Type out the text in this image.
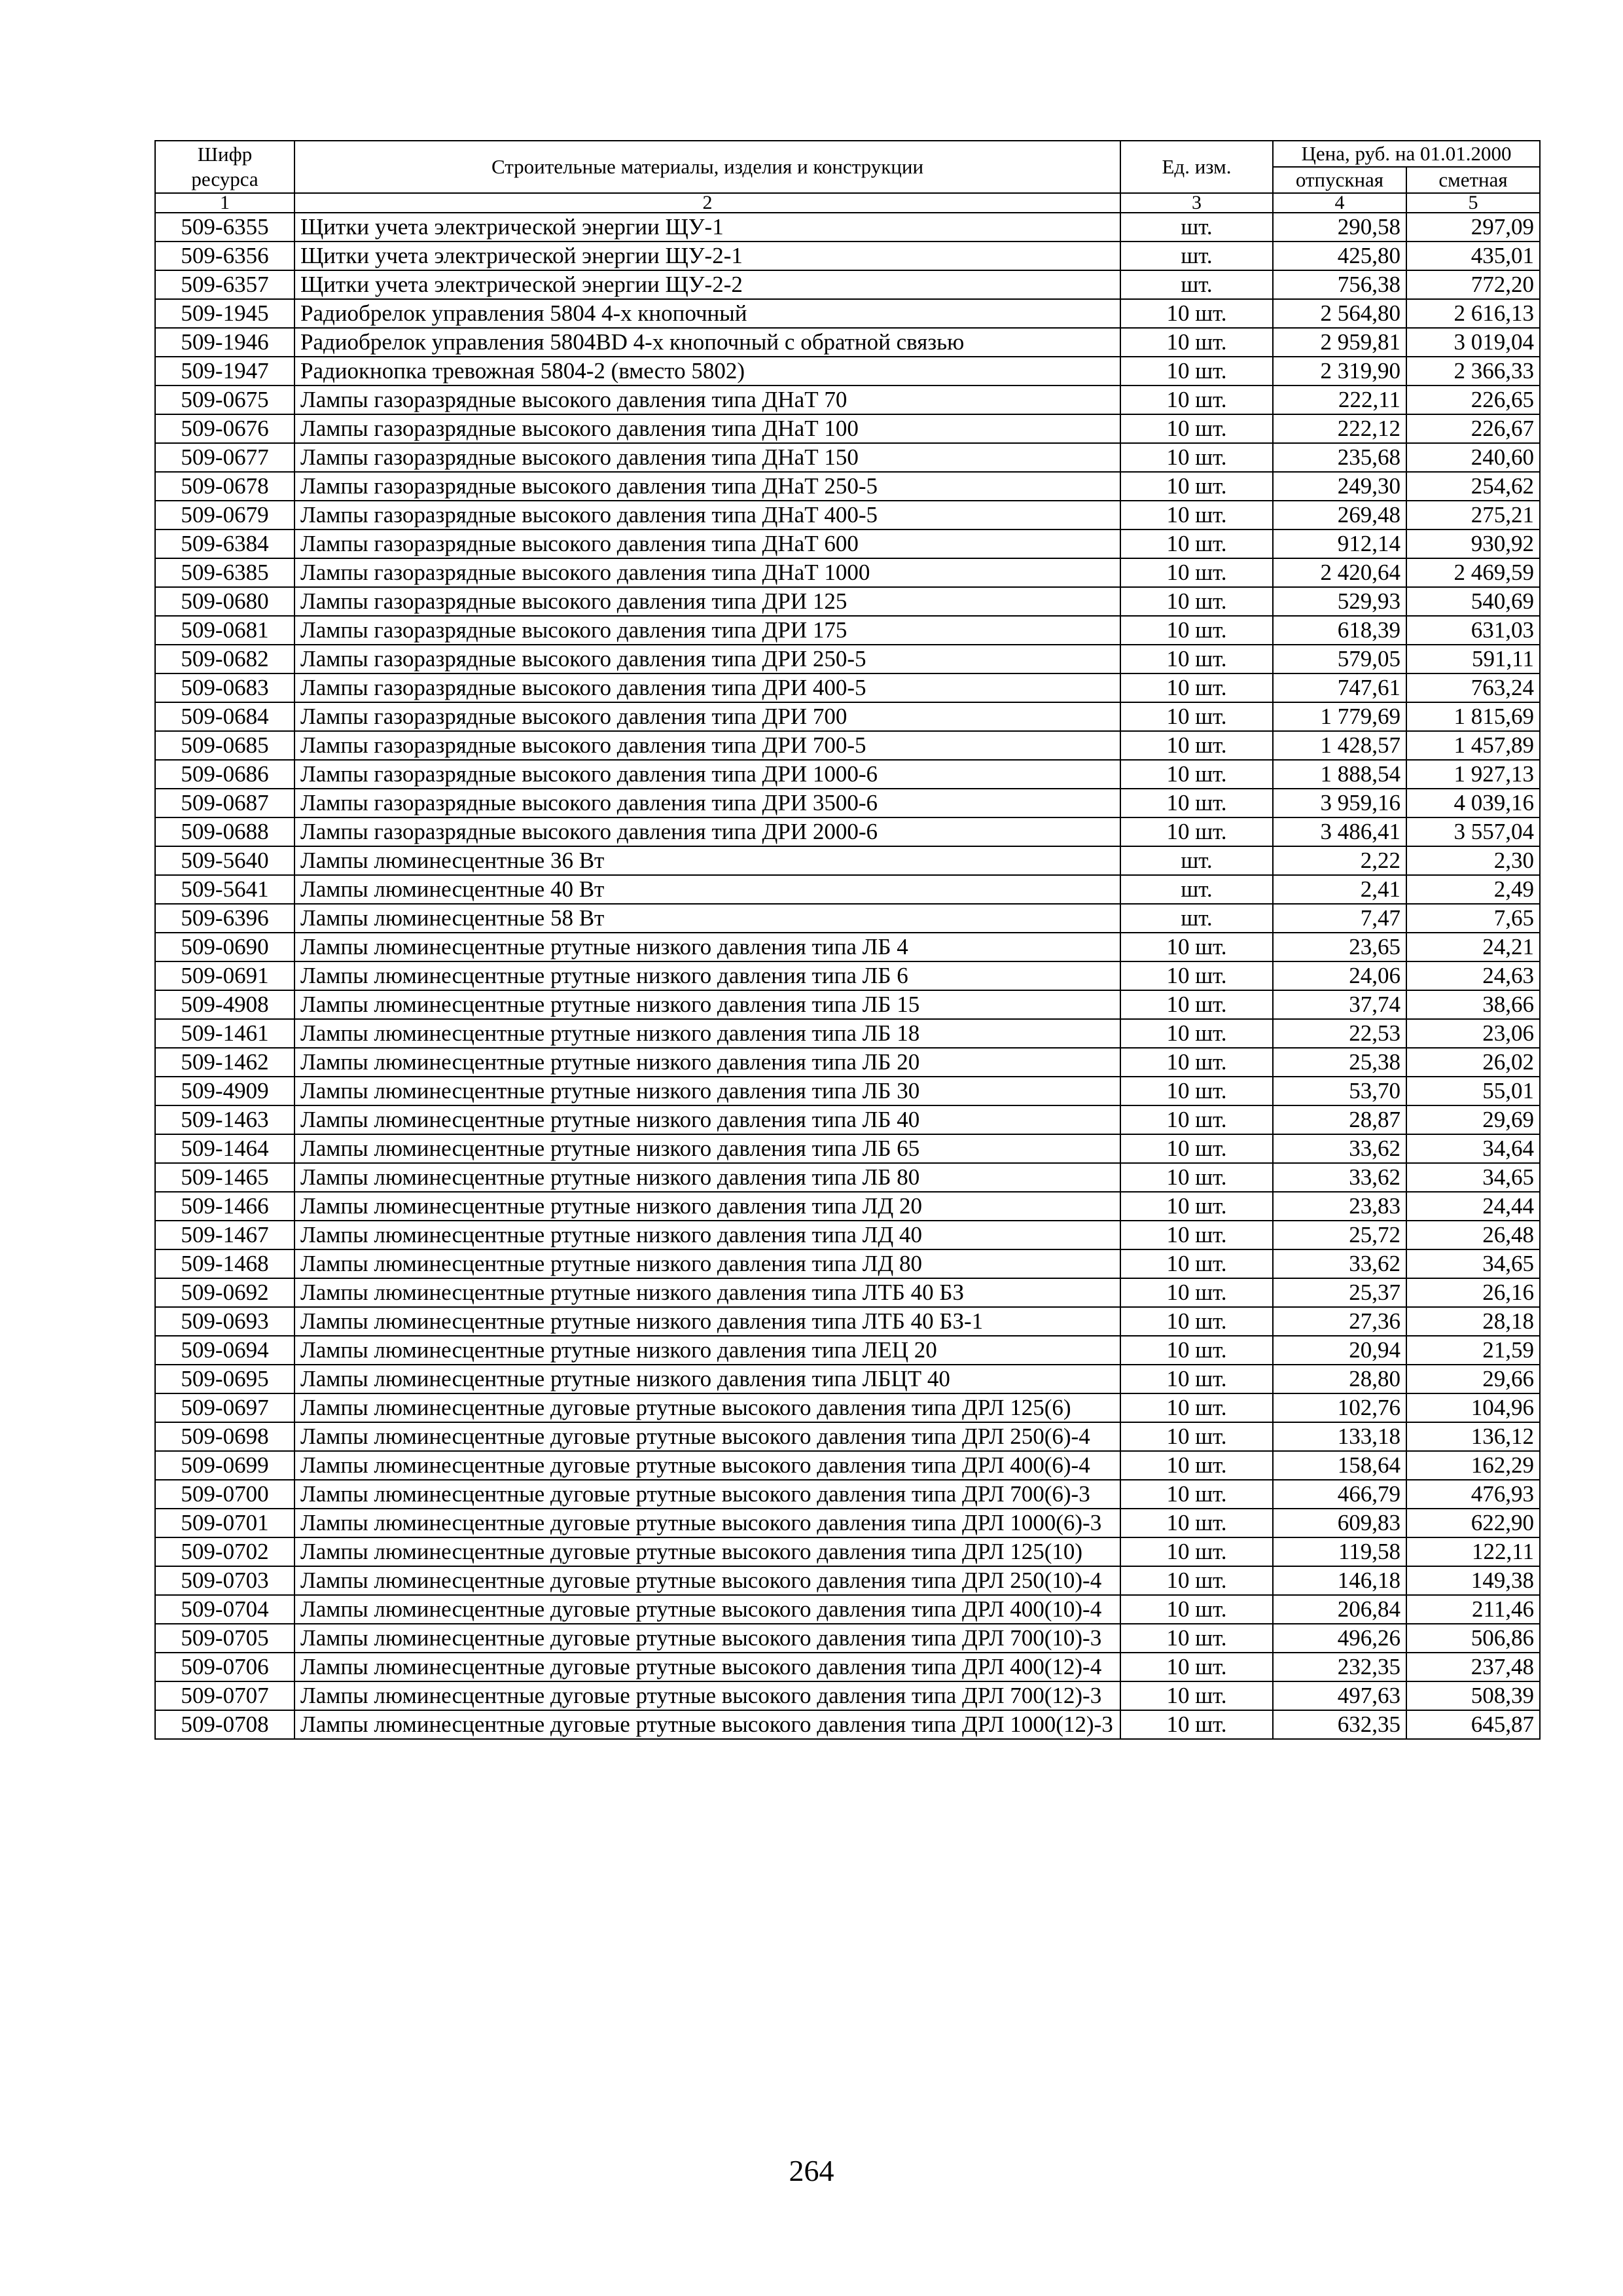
Шифр ресурса	Строительные материалы, изделия и конструкции	Ед. изм.	Цена, руб. на 01.01.2000	
			отпускная	сметная
1	2	3	4	5
509-6355	Щитки учета электрической энергии ЩУ-1	шт.	290,58	297,09
509-6356	Щитки учета электрической энергии ЩУ-2-1	шт.	425,80	435,01
509-6357	Щитки учета электрической энергии ЩУ-2-2	шт.	756,38	772,20
509-1945	Радиобрелок управления 5804 4-х кнопочный	10 шт.	2 564,80	2 616,13
509-1946	Радиобрелок управления 5804BD 4-х кнопочный с обратной связью	10 шт.	2 959,81	3 019,04
509-1947	Радиокнопка тревожная 5804-2 (вместо 5802)	10 шт.	2 319,90	2 366,33
509-0675	Лампы газоразрядные высокого давления типа ДНаТ 70	10 шт.	222,11	226,65
509-0676	Лампы газоразрядные высокого давления типа ДНаТ 100	10 шт.	222,12	226,67
509-0677	Лампы газоразрядные высокого давления типа ДНаТ 150	10 шт.	235,68	240,60
509-0678	Лампы газоразрядные высокого давления типа ДНаТ 250-5	10 шт.	249,30	254,62
509-0679	Лампы газоразрядные высокого давления типа ДНаТ 400-5	10 шт.	269,48	275,21
509-6384	Лампы газоразрядные высокого давления типа ДНаТ 600	10 шт.	912,14	930,92
509-6385	Лампы газоразрядные высокого давления типа ДНаТ 1000	10 шт.	2 420,64	2 469,59
509-0680	Лампы газоразрядные высокого давления типа ДРИ 125	10 шт.	529,93	540,69
509-0681	Лампы газоразрядные высокого давления типа ДРИ 175	10 шт.	618,39	631,03
509-0682	Лампы газоразрядные высокого давления типа ДРИ 250-5	10 шт.	579,05	591,11
509-0683	Лампы газоразрядные высокого давления типа ДРИ 400-5	10 шт.	747,61	763,24
509-0684	Лампы газоразрядные высокого давления типа ДРИ 700	10 шт.	1 779,69	1 815,69
509-0685	Лампы газоразрядные высокого давления типа ДРИ 700-5	10 шт.	1 428,57	1 457,89
509-0686	Лампы газоразрядные высокого давления типа ДРИ 1000-6	10 шт.	1 888,54	1 927,13
509-0687	Лампы газоразрядные высокого давления типа ДРИ 3500-6	10 шт.	3 959,16	4 039,16
509-0688	Лампы газоразрядные высокого давления типа ДРИ 2000-6	10 шт.	3 486,41	3 557,04
509-5640	Лампы люминесцентные 36 Вт	шт.	2,22	2,30
509-5641	Лампы люминесцентные 40 Вт	шт.	2,41	2,49
509-6396	Лампы люминесцентные 58 Вт	шт.	7,47	7,65
509-0690	Лампы люминесцентные ртутные низкого давления типа ЛБ 4	10 шт.	23,65	24,21
509-0691	Лампы люминесцентные ртутные низкого давления типа ЛБ 6	10 шт.	24,06	24,63
509-4908	Лампы люминесцентные ртутные низкого давления типа ЛБ 15	10 шт.	37,74	38,66
509-1461	Лампы люминесцентные ртутные низкого давления типа ЛБ 18	10 шт.	22,53	23,06
509-1462	Лампы люминесцентные ртутные низкого давления типа ЛБ 20	10 шт.	25,38	26,02
509-4909	Лампы люминесцентные ртутные низкого давления типа ЛБ 30	10 шт.	53,70	55,01
509-1463	Лампы люминесцентные ртутные низкого давления типа ЛБ 40	10 шт.	28,87	29,69
509-1464	Лампы люминесцентные ртутные низкого давления типа ЛБ 65	10 шт.	33,62	34,64
509-1465	Лампы люминесцентные ртутные низкого давления типа ЛБ 80	10 шт.	33,62	34,65
509-1466	Лампы люминесцентные ртутные низкого давления типа ЛД 20	10 шт.	23,83	24,44
509-1467	Лампы люминесцентные ртутные низкого давления типа ЛД 40	10 шт.	25,72	26,48
509-1468	Лампы люминесцентные ртутные низкого давления типа ЛД 80	10 шт.	33,62	34,65
509-0692	Лампы люминесцентные ртутные низкого давления типа ЛТБ 40 БЗ	10 шт.	25,37	26,16
509-0693	Лампы люминесцентные ртутные низкого давления типа ЛТБ 40 БЗ-1	10 шт.	27,36	28,18
509-0694	Лампы люминесцентные ртутные низкого давления типа ЛЕЦ 20	10 шт.	20,94	21,59
509-0695	Лампы люминесцентные ртутные низкого давления типа ЛБЦТ 40	10 шт.	28,80	29,66
509-0697	Лампы люминесцентные дуговые ртутные высокого давления типа ДРЛ 125(6)	10 шт.	102,76	104,96
509-0698	Лампы люминесцентные дуговые ртутные высокого давления типа ДРЛ 250(6)-4	10 шт.	133,18	136,12
509-0699	Лампы люминесцентные дуговые ртутные высокого давления типа ДРЛ 400(6)-4	10 шт.	158,64	162,29
509-0700	Лампы люминесцентные дуговые ртутные высокого давления типа ДРЛ 700(6)-3	10 шт.	466,79	476,93
509-0701	Лампы люминесцентные дуговые ртутные высокого давления типа ДРЛ 1000(6)-3	10 шт.	609,83	622,90
509-0702	Лампы люминесцентные дуговые ртутные высокого давления типа ДРЛ 125(10)	10 шт.	119,58	122,11
509-0703	Лампы люминесцентные дуговые ртутные высокого давления типа ДРЛ 250(10)-4	10 шт.	146,18	149,38
509-0704	Лампы люминесцентные дуговые ртутные высокого давления типа ДРЛ 400(10)-4	10 шт.	206,84	211,46
509-0705	Лампы люминесцентные дуговые ртутные высокого давления типа ДРЛ 700(10)-3	10 шт.	496,26	506,86
509-0706	Лампы люминесцентные дуговые ртутные высокого давления типа ДРЛ 400(12)-4	10 шт.	232,35	237,48
509-0707	Лампы люминесцентные дуговые ртутные высокого давления типа ДРЛ 700(12)-3	10 шт.	497,63	508,39
509-0708	Лампы люминесцентные дуговые ртутные высокого давления типа ДРЛ 1000(12)-3	10 шт.	632,35	645,87
264
